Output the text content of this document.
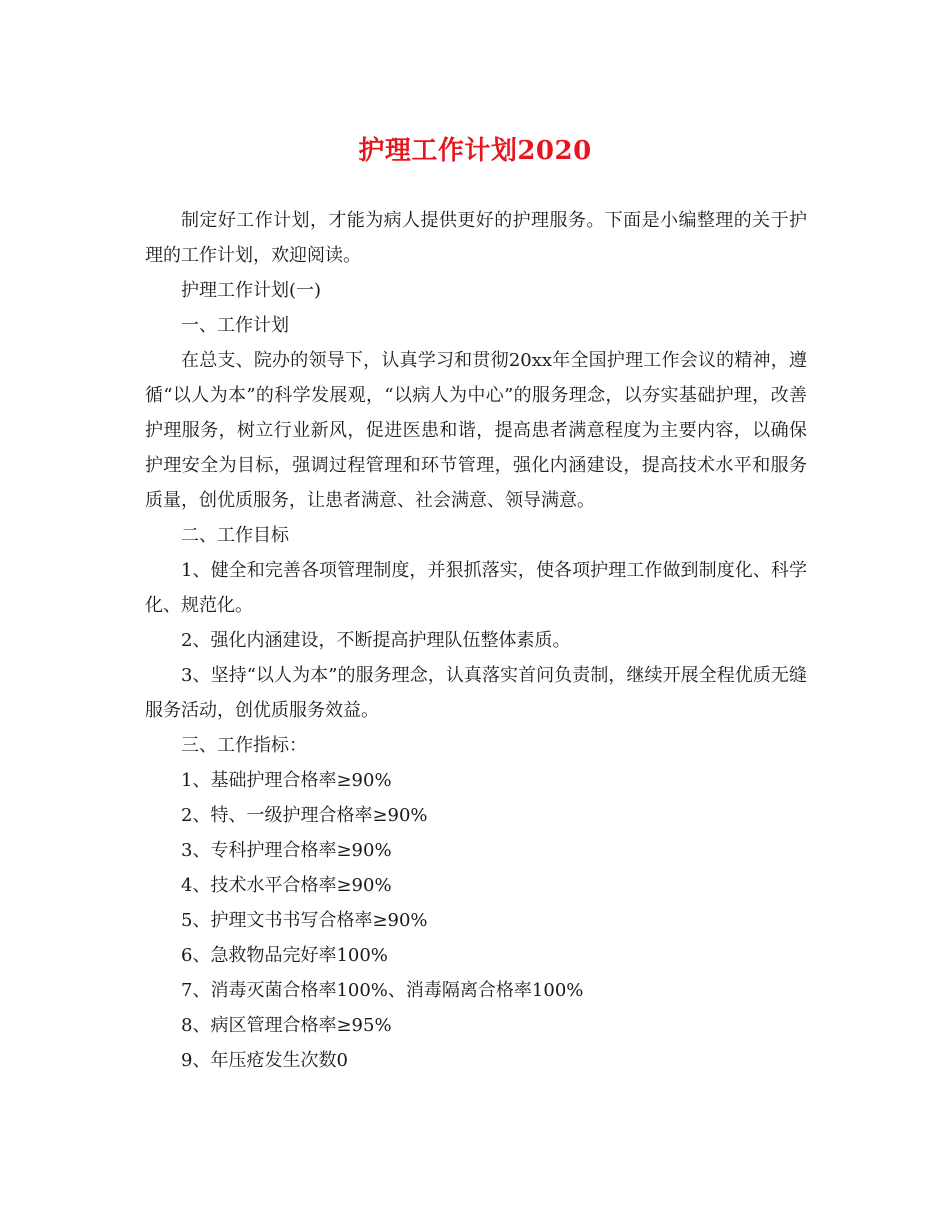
护理工作计划2020

制定好工作计划，才能为病人提供更好的护理服务。下面是小编整理的关于护理的工作计划，欢迎阅读。

护理工作计划(一)

一、工作计划

在总支、院办的领导下，认真学习和贯彻20xx年全国护理工作会议的精神，遵循“以人为本”的科学发展观，“以病人为中心”的服务理念，以夯实基础护理，改善护理服务，树立行业新风，促进医患和谐，提高患者满意程度为主要内容，以确保护理安全为目标，强调过程管理和环节管理，强化内涵建设，提高技术水平和服务质量，创优质服务，让患者满意、社会满意、领导满意。

二、工作目标

1、健全和完善各项管理制度，并狠抓落实，使各项护理工作做到制度化、科学化、规范化。

2、强化内涵建设，不断提高护理队伍整体素质。

3、坚持“以人为本”的服务理念，认真落实首问负责制，继续开展全程优质无缝服务活动，创优质服务效益。

三、工作指标：

1、基础护理合格率≥90%

2、特、一级护理合格率≥90%

3、专科护理合格率≥90%

4、技术水平合格率≥90%

5、护理文书书写合格率≥90%

6、急救物品完好率100%

7、消毒灭菌合格率100%、消毒隔离合格率100%

8、病区管理合格率≥95%

9、年压疮发生次数0
